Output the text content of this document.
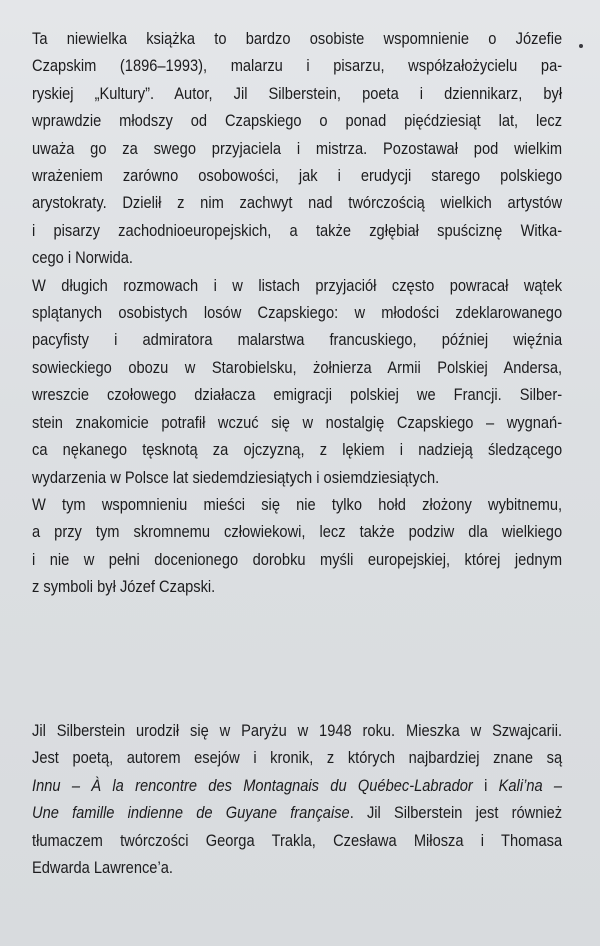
Ta niewielka książka to bardzo osobiste wspomnienie o Józefie
Czapskim (1896–1993), malarzu i pisarzu, współzałożycielu pa-
ryskiej „Kultury”. Autor, Jil Silberstein, poeta i dziennikarz, był
wprawdzie młodszy od Czapskiego o ponad pięćdziesiąt lat, lecz
uważa go za swego przyjaciela i mistrza. Pozostawał pod wielkim
wrażeniem zarówno osobowości, jak i erudycji starego polskiego
arystokraty. Dzielił z nim zachwyt nad twórczością wielkich artystów
i pisarzy zachodnioeuropejskich, a także zgłębiał spuściznę Witka-
cego i Norwida.
W długich rozmowach i w listach przyjaciół często powracał wątek
splątanych osobistych losów Czapskiego: w młodości zdeklarowanego
pacyfisty i admiratora malarstwa francuskiego, później więźnia
sowieckiego obozu w Starobielsku, żołnierza Armii Polskiej Andersa,
wreszcie czołowego działacza emigracji polskiej we Francji. Silber-
stein znakomicie potrafił wczuć się w nostalgię Czapskiego – wygnań-
ca nękanego tęsknotą za ojczyzną, z lękiem i nadzieją śledzącego
wydarzenia w Polsce lat siedemdziesiątych i osiemdziesiątych.
W tym wspomnieniu mieści się nie tylko hołd złożony wybitnemu,
a przy tym skromnemu człowiekowi, lecz także podziw dla wielkiego
i nie w pełni docenionego dorobku myśli europejskiej, której jednym
z symboli był Józef Czapski.
Jil Silberstein urodził się w Paryżu w 1948 roku. Mieszka w Szwajcarii.
Jest poetą, autorem esejów i kronik, z których najbardziej znane są
Innu – À la rencontre des Montagnais du Québec-Labrador i Kali’na –
Une famille indienne de Guyane française. Jil Silberstein jest również
tłumaczem twórczości Georga Trakla, Czesława Miłosza i Thomasa
Edwarda Lawrence’a.
